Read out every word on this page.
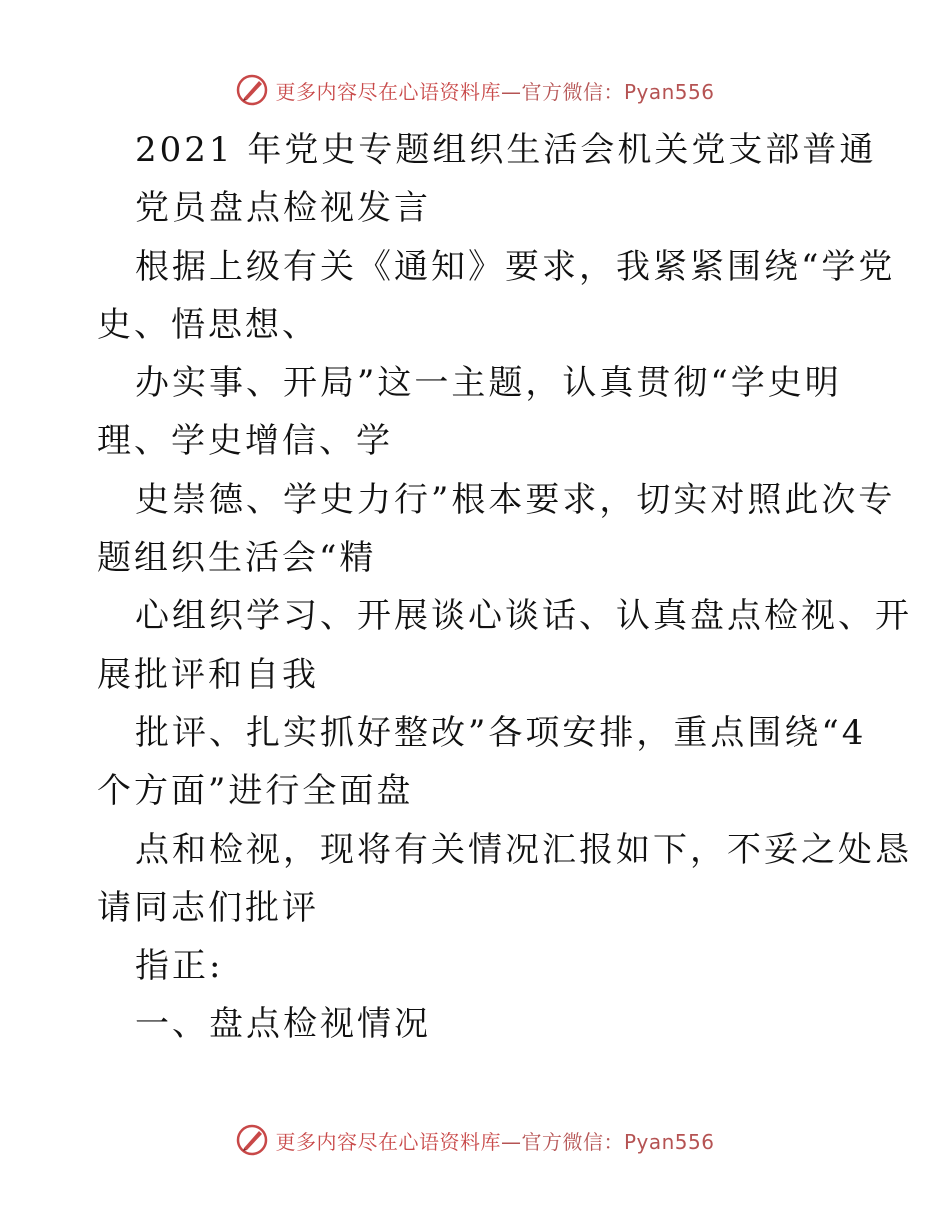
更多内容尽在心语资料库—官方微信：Pyan556
2021 年党史专题组织生活会机关党支部普通
党员盘点检视发言
根据上级有关《通知》要求，我紧紧围绕“学党
史、悟思想、
办实事、开局”这一主题，认真贯彻“学史明
理、学史增信、学
史崇德、学史力行”根本要求，切实对照此次专
题组织生活会“精
心组织学习、开展谈心谈话、认真盘点检视、开
展批评和自我
批评、扎实抓好整改”各项安排，重点围绕“4
个方面”进行全面盘
点和检视，现将有关情况汇报如下，不妥之处恳
请同志们批评
指正:
一、盘点检视情况
更多内容尽在心语资料库—官方微信：Pyan556
